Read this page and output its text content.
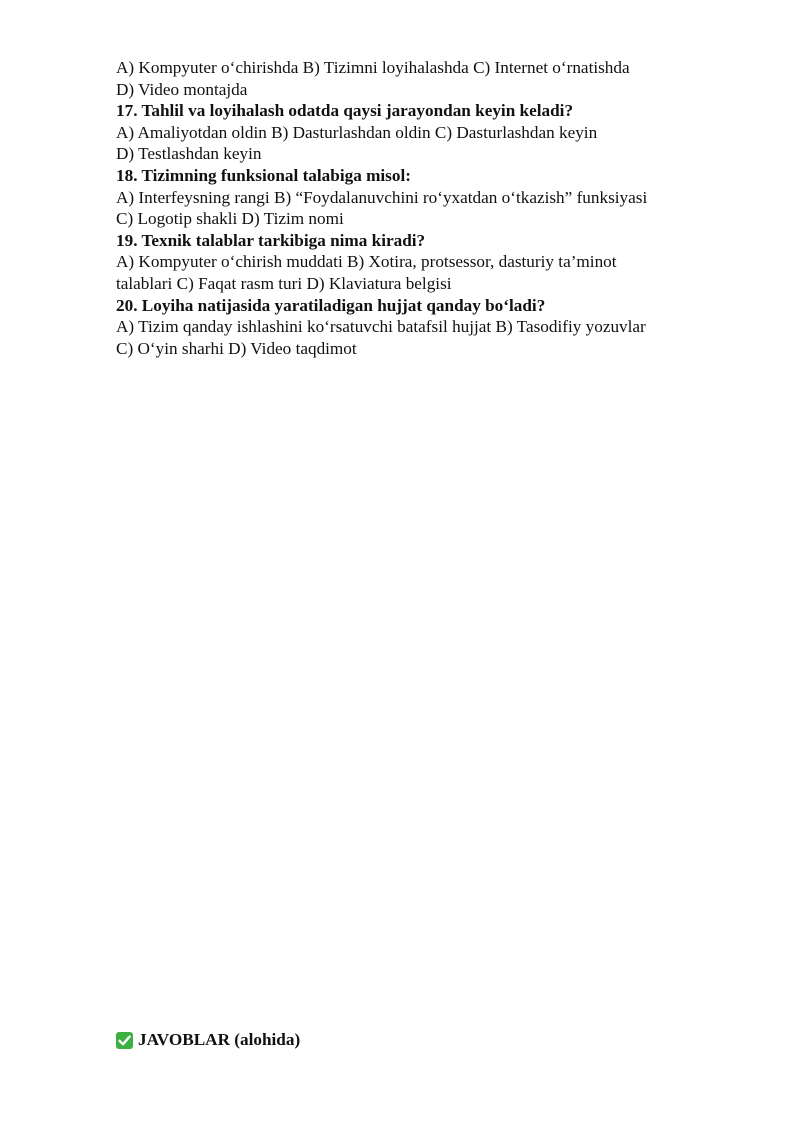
A) Kompyuter o‘chirishda B) Tizimni loyihalashda C) Internet o‘rnatishda
D) Video montajda
17. Tahlil va loyihalash odatda qaysi jarayondan keyin keladi?
A) Amaliyotdan oldin B) Dasturlashdan oldin C) Dasturlashdan keyin
D) Testlashdan keyin
18. Tizimning funksional talabiga misol:
A) Interfeysning rangi B) “Foydalanuvchini ro‘yxatdan o‘tkazish” funksiyasi
C) Logotip shakli D) Tizim nomi
19. Texnik talablar tarkibiga nima kiradi?
A) Kompyuter o‘chirish muddati B) Xotira, protsessor, dasturiy ta’minot
talablari C) Faqat rasm turi D) Klaviatura belgisi
20. Loyiha natijasida yaratiladigan hujjat qanday bo‘ladi?
A) Tizim qanday ishlashini ko‘rsatuvchi batafsil hujjat B) Tasodifiy yozuvlar
C) O‘yin sharhi D) Video taqdimot
JAVOBLAR (alohida)
